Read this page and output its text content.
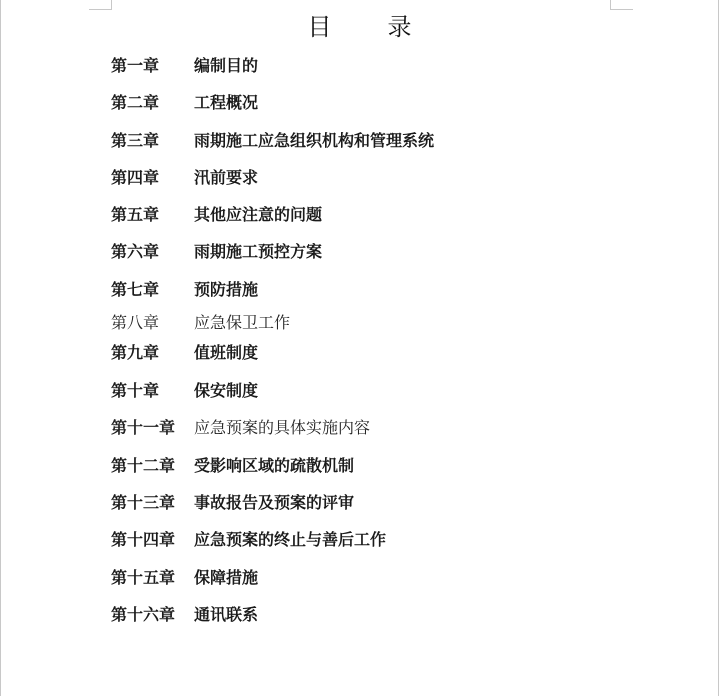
目录
第一章 编制目的
第二章 工程概况
第三章 雨期施工应急组织机构和管理系统
第四章 汛前要求
第五章 其他应注意的问题
第六章 雨期施工预控方案
第七章 预防措施
第八章 应急保卫工作
第九章 值班制度
第十章 保安制度
第十一章 应急预案的具体实施内容
第十二章 受影响区域的疏散机制
第十三章 事故报告及预案的评审
第十四章 应急预案的终止与善后工作
第十五章 保障措施
第十六章 通讯联系
